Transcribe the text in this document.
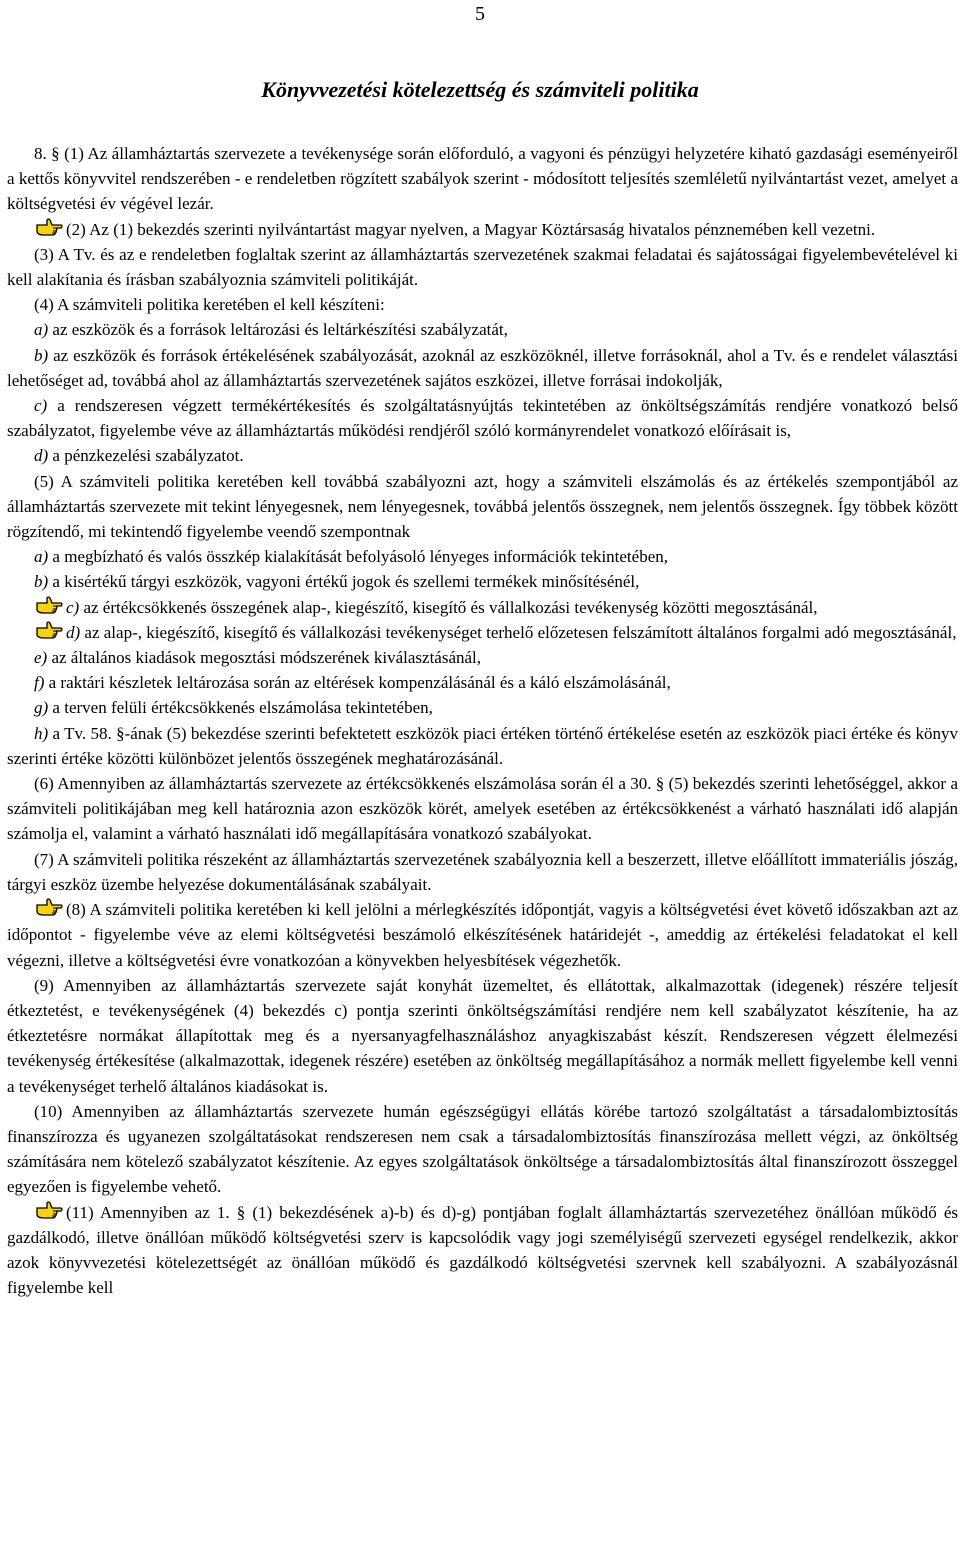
5
Könyvvezetési kötelezettség és számviteli politika

8. § (1) Az államháztartás szervezete a tevékenysége során előforduló, a vagyoni és pénzügyi helyzetére kiható gazdasági eseményeiről a kettős könyvvitel rendszerében - e rendeletben rögzített szabályok szerint - módosított teljesítés szemléletű nyilvántartást vezet, amelyet a költségvetési év végével lezár.

(2) Az (1) bekezdés szerinti nyilvántartást magyar nyelven, a Magyar Köztársaság hivatalos pénznemében kell vezetni.

(3) A Tv. és az e rendeletben foglaltak szerint az államháztartás szervezetének szakmai feladatai és sajátosságai figyelembevételével ki kell alakítania és írásban szabályoznia számviteli politikáját.

(4) A számviteli politika keretében el kell készíteni:

a) az eszközök és a források leltározási és leltárkészítési szabályzatát,

b) az eszközök és források értékelésének szabályozását, azoknál az eszközöknél, illetve forrásoknál, ahol a Tv. és e rendelet választási lehetőséget ad, továbbá ahol az államháztartás szervezetének sajátos eszközei, illetve forrásai indokolják,

c) a rendszeresen végzett termékértékesítés és szolgáltatásnyújtás tekintetében az önköltségszámítás rendjére vonatkozó belső szabályzatot, figyelembe véve az államháztartás működési rendjéről szóló kormányrendelet vonatkozó előírásait is,

d) a pénzkezelési szabályzatot.

(5) A számviteli politika keretében kell továbbá szabályozni azt, hogy a számviteli elszámolás és az értékelés szempontjából az államháztartás szervezete mit tekint lényegesnek, nem lényegesnek, továbbá jelentős összegnek, nem jelentős összegnek. Így többek között rögzítendő, mi tekintendő figyelembe veendő szempontnak

a) a megbízható és valós összkép kialakítását befolyásoló lényeges információk tekintetében,

b) a kisértékű tárgyi eszközök, vagyoni értékű jogok és szellemi termékek minősítésénél,

c) az értékcsökkenés összegének alap-, kiegészítő, kisegítő és vállalkozási tevékenység közötti megosztásánál,

d) az alap-, kiegészítő, kisegítő és vállalkozási tevékenységet terhelő előzetesen felszámított általános forgalmi adó megosztásánál,

e) az általános kiadások megosztási módszerének kiválasztásánál,

f) a raktári készletek leltározása során az eltérések kompenzálásánál és a káló elszámolásánál,

g) a terven felüli értékcsökkenés elszámolása tekintetében,

h) a Tv. 58. §-ának (5) bekezdése szerinti befektetett eszközök piaci értéken történő értékelése esetén az eszközök piaci értéke és könyv szerinti értéke közötti különbözet jelentős összegének meghatározásánál.

(6) Amennyiben az államháztartás szervezete az értékcsökkenés elszámolása során él a 30. § (5) bekezdés szerinti lehetőséggel, akkor a számviteli politikájában meg kell határoznia azon eszközök körét, amelyek esetében az értékcsökkenést a várható használati idő alapján számolja el, valamint a várható használati idő megállapítására vonatkozó szabályokat.

(7) A számviteli politika részeként az államháztartás szervezetének szabályoznia kell a beszerzett, illetve előállított immateriális jószág, tárgyi eszköz üzembe helyezése dokumentálásának szabályait.

(8) A számviteli politika keretében ki kell jelölni a mérlegkészítés időpontját, vagyis a költségvetési évet követő időszakban azt az időpontot - figyelembe véve az elemi költségvetési beszámoló elkészítésének határidejét -, ameddig az értékelési feladatokat el kell végezni, illetve a költségvetési évre vonatkozóan a könyvekben helyesbítések végezhetők.

(9) Amennyiben az államháztartás szervezete saját konyhát üzemeltet, és ellátottak, alkalmazottak (idegenek) részére teljesít étkeztetést, e tevékenységének (4) bekezdés c) pontja szerinti önköltségszámítási rendjére nem kell szabályzatot készítenie, ha az étkeztetésre normákat állapítottak meg és a nyersanyagfelhasználáshoz anyagkiszabást készít. Rendszeresen végzett élelmezési tevékenység értékesítése (alkalmazottak, idegenek részére) esetében az önköltség megállapításához a normák mellett figyelembe kell venni a tevékenységet terhelő általános kiadásokat is.

(10) Amennyiben az államháztartás szervezete humán egészségügyi ellátás körébe tartozó szolgáltatást a társadalombiztosítás finanszírozza és ugyanezen szolgáltatásokat rendszeresen nem csak a társadalombiztosítás finanszírozása mellett végzi, az önköltség számítására nem kötelező szabályzatot készítenie. Az egyes szolgáltatások önköltsége a társadalombiztosítás által finanszírozott összeggel egyezően is figyelembe vehető.

(11) Amennyiben az 1. § (1) bekezdésének a)-b) és d)-g) pontjában foglalt államháztartás szervezetéhez önállóan működő és gazdálkodó, illetve önállóan működő költségvetési szerv is kapcsolódik vagy jogi személyiségű szervezeti egységel rendelkezik, akkor azok könyvvezetési kötelezettségét az önállóan működő és gazdálkodó költségvetési szervnek kell szabályozni. A szabályozásnál figyelembe kell
